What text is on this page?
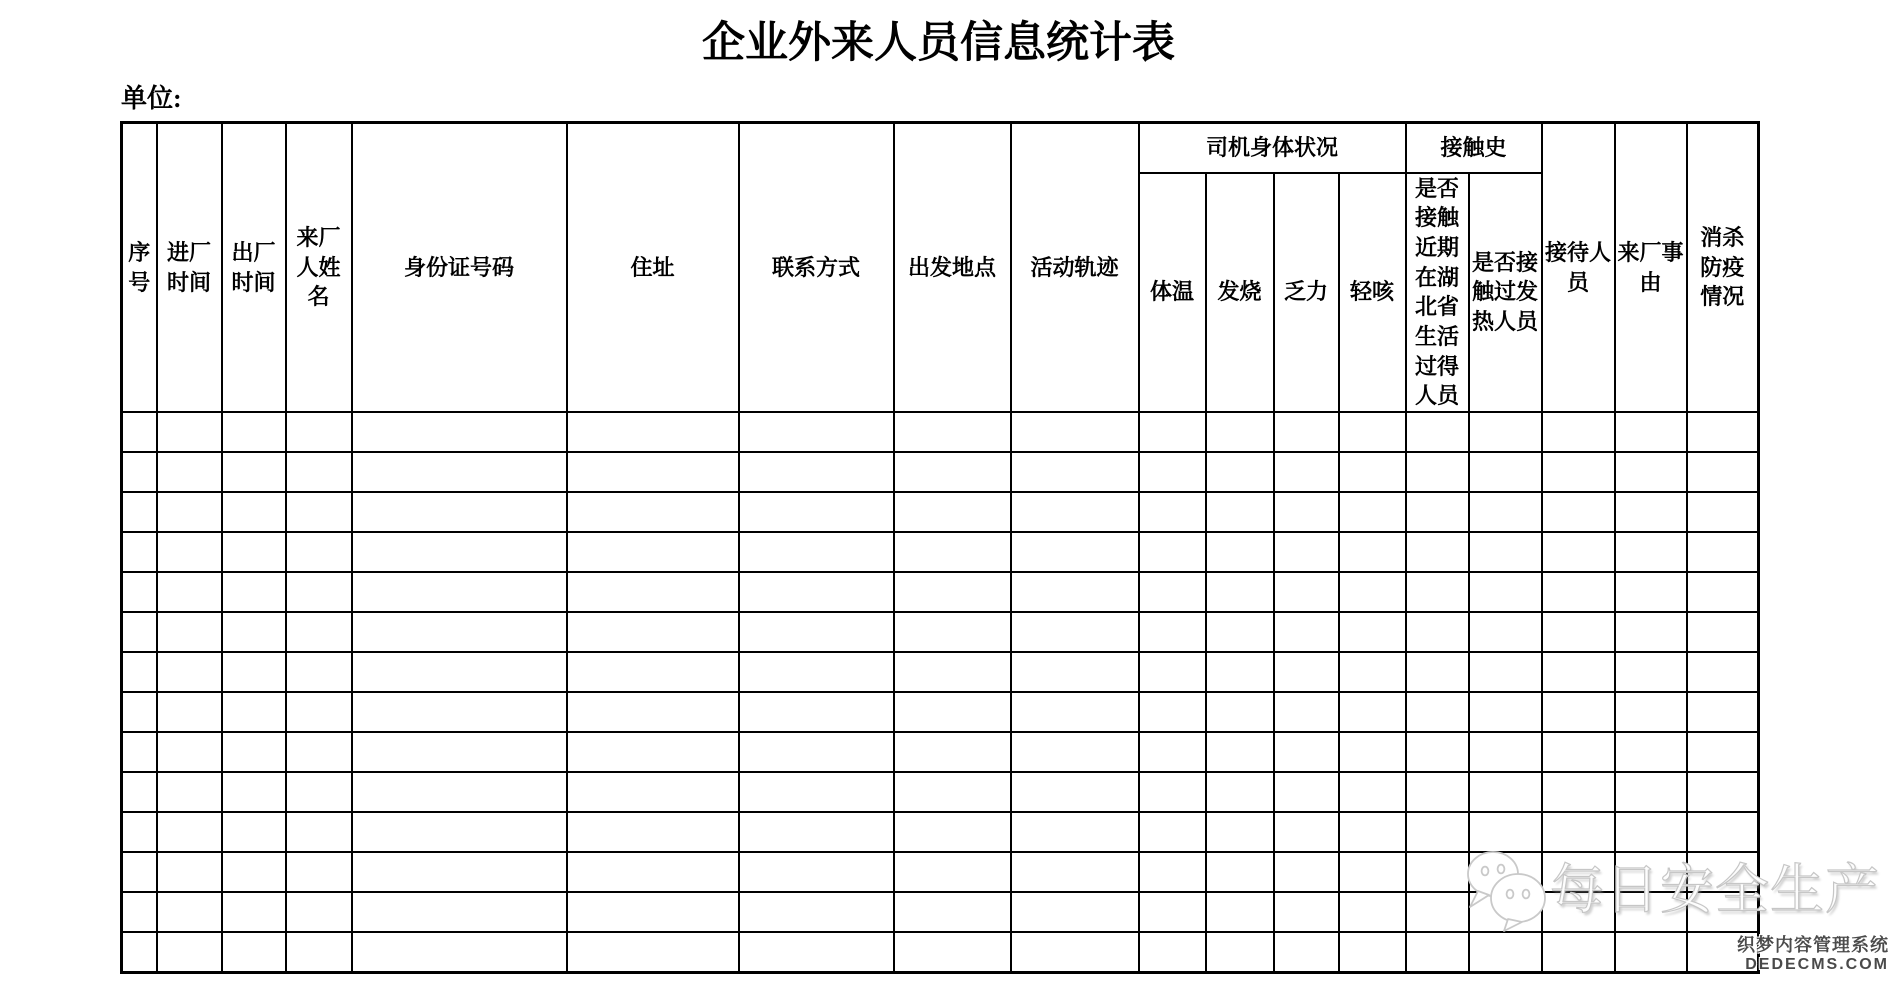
企业外来人员信息统计表
单位:
序号	进厂时间	出厂时间	来厂人姓名	身份证号码	住址	联系方式	出发地点	活动轨迹	司机身体状况				接触史		接待人员	来厂事由	消杀防疫情况
									体温	发烧	乏力	轻咳	是否接触近期在湖北省生活过得人员	是否接触过发热人员			

每日安全生产
织梦内容管理系统
DEDECMS.COM
